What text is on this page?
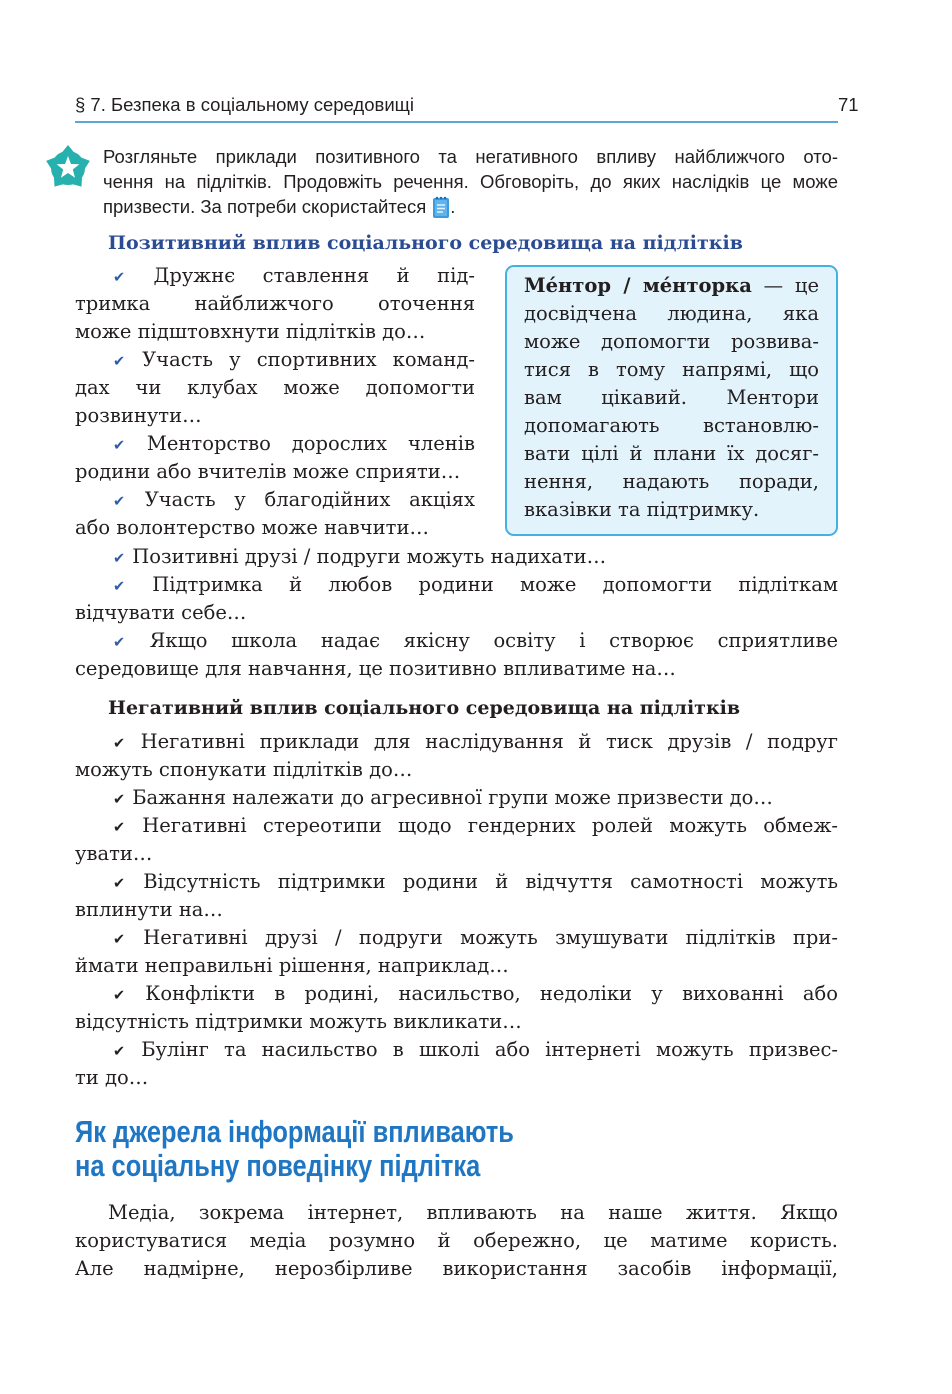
§ 7. Безпека в соціальному середовищі	71
Розгляньте приклади позитивного та негативного впливу найближчого ото-
чення на підлітків. Продовжіть речення. Обговоріть, до яких наслідків це може
призвести. За потреби скористайтеся .
Позитивний вплив соціального середовища на підлітків
✔ Дружнє ставлення й під-
тримка найближчого оточення
може підштовхнути підлітків до…
✔ Участь у спортивних команд-
дах чи клубах може допомогти
розвинути…
✔ Менторство дорослих членів
родини або вчителів може сприяти…
✔ Участь у благодійних акціях
або волонтерство може навчити…
Ме́нтор / ме́нторка — це
досвідчена людина, яка
може допомогти розвива-
тися в тому напрямі, що
вам цікавий. Ментори
допомагають встановлю-
вати цілі й плани їх досяг-
нення, надають поради,
вказівки та підтримку.
✔ Позитивні друзі / подруги можуть надихати…
✔ Підтримка й любов родини може допомогти підліткам
відчувати себе…
✔ Якщо школа надає якісну освіту і створює сприятливе
середовище для навчання, це позитивно впливатиме на…
Негативний вплив соціального середовища на підлітків
✔ Негативні приклади для наслідування й тиск друзів / подруг
можуть спонукати підлітків до…
✔ Бажання належати до агресивної групи може призвести до…
✔ Негативні стереотипи щодо гендерних ролей можуть обмеж-
увати…
✔ Відсутність підтримки родини й відчуття самотності можуть
вплинути на…
✔ Негативні друзі / подруги можуть змушувати підлітків при-
ймати неправильні рішення, наприклад…
✔ Конфлікти в родині, насильство, недоліки у вихованні або
відсутність підтримки можуть викликати…
✔ Булінг та насильство в школі або інтернеті можуть призвес-
ти до…
Як джерела інформації впливають
на соціальну поведінку підлітка
Медіа, зокрема інтернет, впливають на наше життя. Якщо
користуватися медіа розумно й обережно, це матиме користь.
Але надмірне, нерозбірливе використання засобів інформації,
